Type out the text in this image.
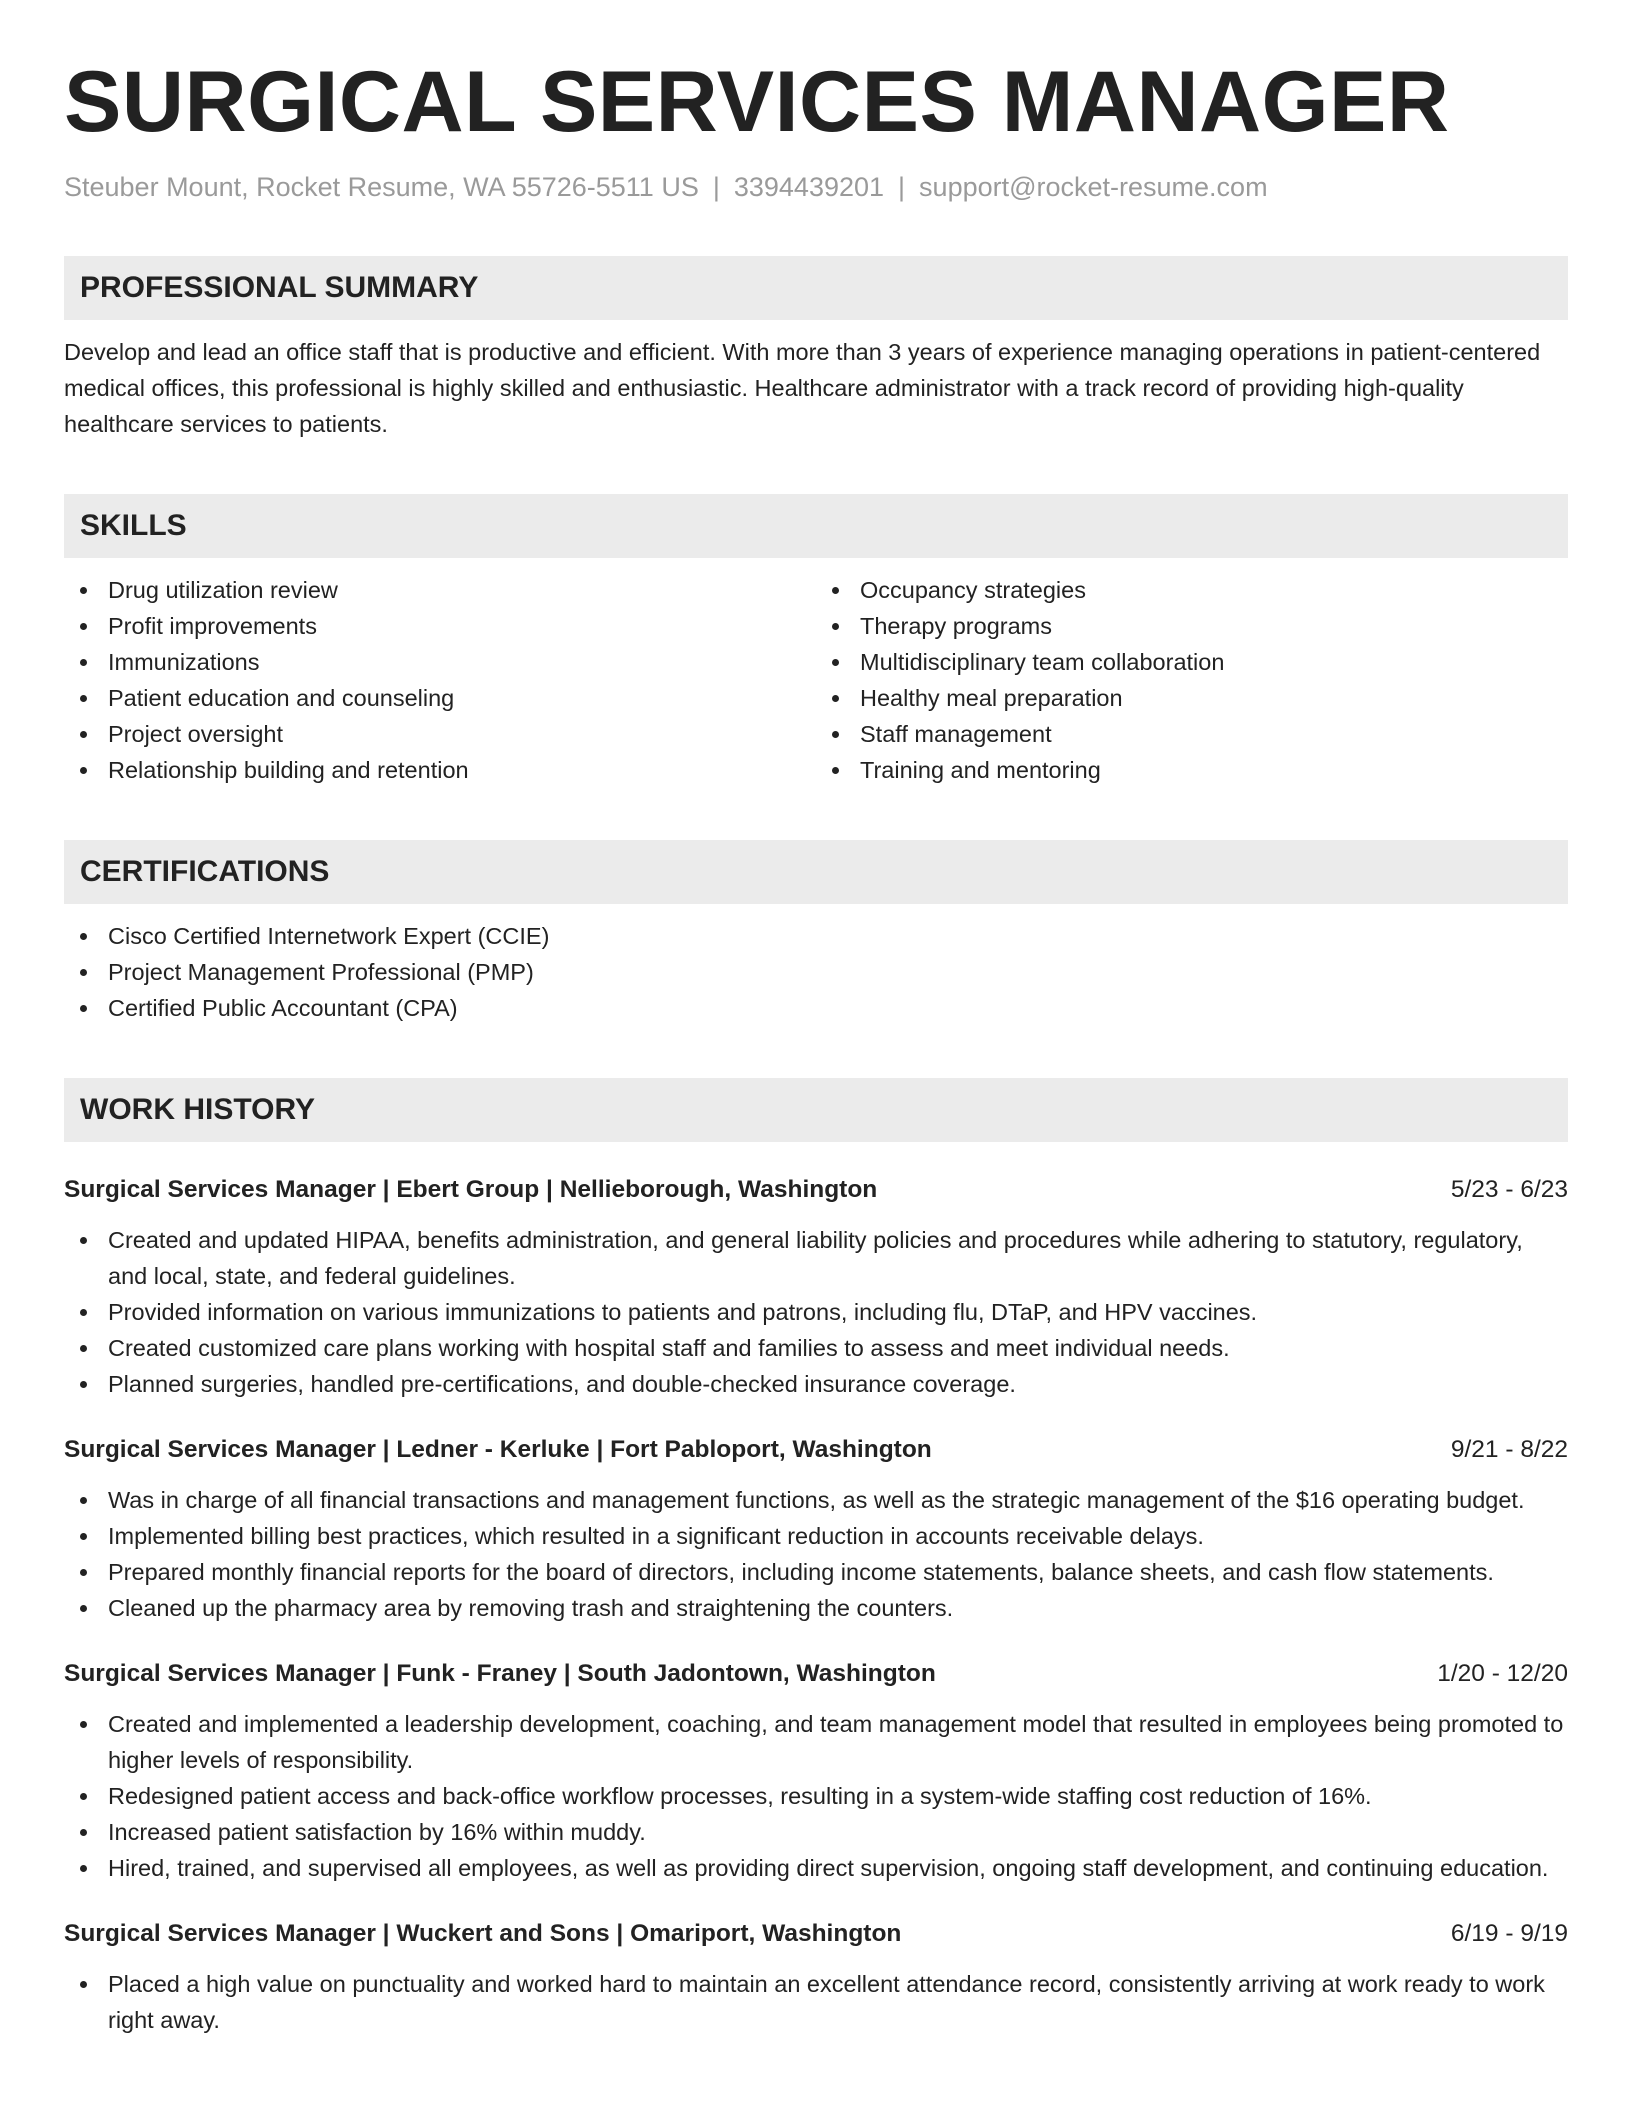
SURGICAL SERVICES MANAGER
Steuber Mount, Rocket Resume, WA 55726-5511 US | 3394439201 | support@rocket-resume.com
PROFESSIONAL SUMMARY
Develop and lead an office staff that is productive and efficient. With more than 3 years of experience managing operations in patient-centered medical offices, this professional is highly skilled and enthusiastic. Healthcare administrator with a track record of providing high-quality healthcare services to patients.
SKILLS
Drug utilization review
Profit improvements
Immunizations
Patient education and counseling
Project oversight
Relationship building and retention
Occupancy strategies
Therapy programs
Multidisciplinary team collaboration
Healthy meal preparation
Staff management
Training and mentoring
CERTIFICATIONS
Cisco Certified Internetwork Expert (CCIE)
Project Management Professional (PMP)
Certified Public Accountant (CPA)
WORK HISTORY
Surgical Services Manager | Ebert Group | Nellieborough, Washington	5/23 - 6/23
Created and updated HIPAA, benefits administration, and general liability policies and procedures while adhering to statutory, regulatory, and local, state, and federal guidelines.
Provided information on various immunizations to patients and patrons, including flu, DTaP, and HPV vaccines.
Created customized care plans working with hospital staff and families to assess and meet individual needs.
Planned surgeries, handled pre-certifications, and double-checked insurance coverage.
Surgical Services Manager | Ledner - Kerluke | Fort Pabloport, Washington	9/21 - 8/22
Was in charge of all financial transactions and management functions, as well as the strategic management of the $16 operating budget.
Implemented billing best practices, which resulted in a significant reduction in accounts receivable delays.
Prepared monthly financial reports for the board of directors, including income statements, balance sheets, and cash flow statements.
Cleaned up the pharmacy area by removing trash and straightening the counters.
Surgical Services Manager | Funk - Franey | South Jadontown, Washington	1/20 - 12/20
Created and implemented a leadership development, coaching, and team management model that resulted in employees being promoted to higher levels of responsibility.
Redesigned patient access and back-office workflow processes, resulting in a system-wide staffing cost reduction of 16%.
Increased patient satisfaction by 16% within muddy.
Hired, trained, and supervised all employees, as well as providing direct supervision, ongoing staff development, and continuing education.
Surgical Services Manager | Wuckert and Sons | Omariport, Washington	6/19 - 9/19
Placed a high value on punctuality and worked hard to maintain an excellent attendance record, consistently arriving at work ready to work right away.
